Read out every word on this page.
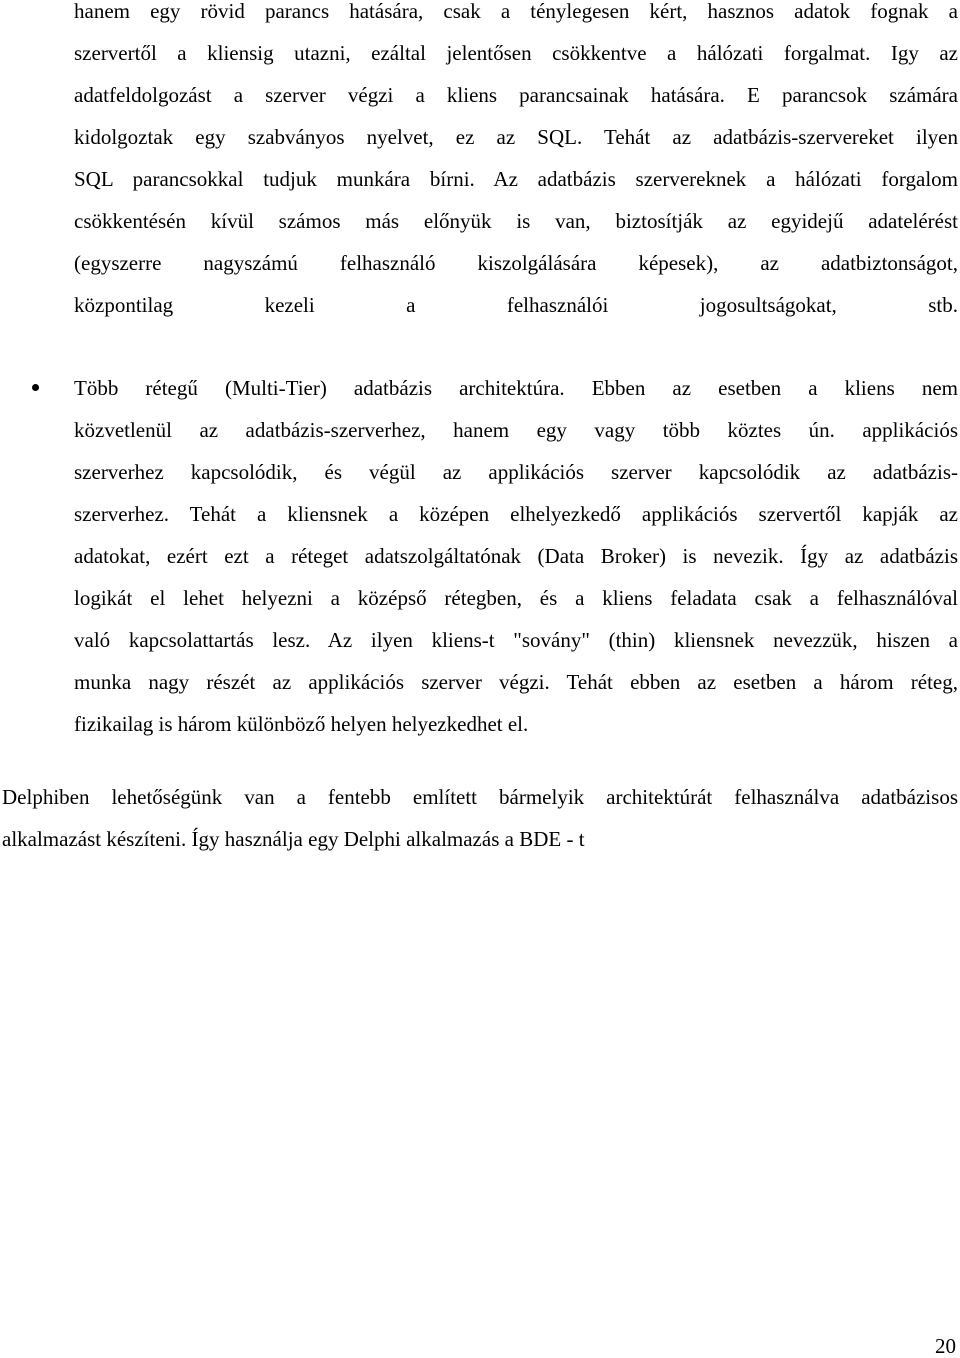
hanem egy rövid parancs hatására, csak a ténylegesen kért, hasznos adatok fognak a
szervertől a kliensig utazni, ezáltal jelentősen csökkentve a hálózati forgalmat. Igy az
adatfeldolgozást a szerver végzi a kliens parancsainak hatására. E parancsok számára
kidolgoztak egy szabványos nyelvet, ez az SQL. Tehát az adatbázis-szervereket ilyen
SQL parancsokkal tudjuk munkára bírni. Az adatbázis szervereknek a hálózati forgalom
csökkentésén kívül számos más előnyük is van, biztosítják az egyidejű adatelérést
(egyszerre nagyszámú felhasználó kiszolgálására képesek), az adatbiztonságot,
központilag kezeli a felhasználói jogosultságokat, stb.
Több rétegű (Multi-Tier) adatbázis architektúra. Ebben az esetben a kliens nem
közvetlenül az adatbázis-szerverhez, hanem egy vagy több köztes ún. applikációs
szerverhez kapcsolódik, és végül az applikációs szerver kapcsolódik az adatbázis-
szerverhez. Tehát a kliensnek a középen elhelyezkedő applikációs szervertől kapják az
adatokat, ezért ezt a réteget adatszolgáltatónak (Data Broker) is nevezik. Így az adatbázis
logikát el lehet helyezni a középső rétegben, és a kliens feladata csak a felhasználóval
való kapcsolattartás lesz. Az ilyen kliens-t "sovány" (thin) kliensnek nevezzük, hiszen a
munka nagy részét az applikációs szerver végzi. Tehát ebben az esetben a három réteg,
fizikailag is három különböző helyen helyezkedhet el.
Delphiben lehetőségünk van a fentebb említett bármelyik architektúrát felhasználva adatbázisos
alkalmazást készíteni. Így használja egy Delphi alkalmazás a BDE - t
20
